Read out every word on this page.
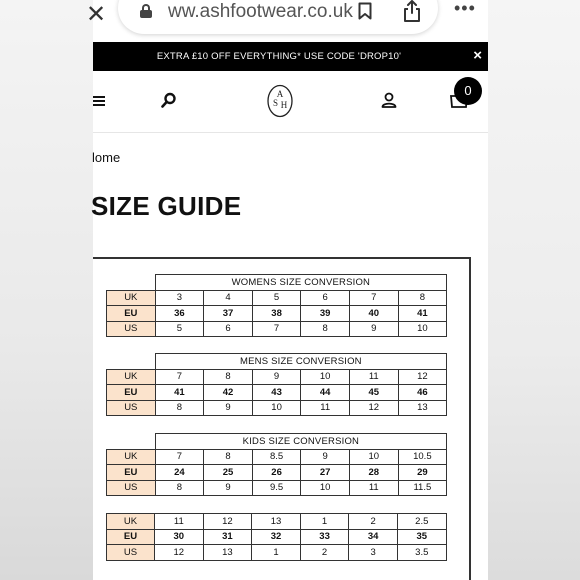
✕	ww.ashfootwear.co.uk	•••
EXTRA £10 OFF EVERYTHING* USE CODE 'DROP10'	×
A
S H
0
lome
SIZE GUIDE
	WOMENS SIZE CONVERSION					
UK	3	4	5	6	7	8
EU	36	37	38	39	40	41
US	5	6	7	8	9	10
	MENS SIZE CONVERSION					
UK	7	8	9	10	11	12
EU	41	42	43	44	45	46
US	8	9	10	11	12	13
	KIDS SIZE CONVERSION					
UK	7	8	8.5	9	10	10.5
EU	24	25	26	27	28	29
US	8	9	9.5	10	11	11.5
UK	11	12	13	1	2	2.5
EU	30	31	32	33	34	35
US	12	13	1	2	3	3.5
